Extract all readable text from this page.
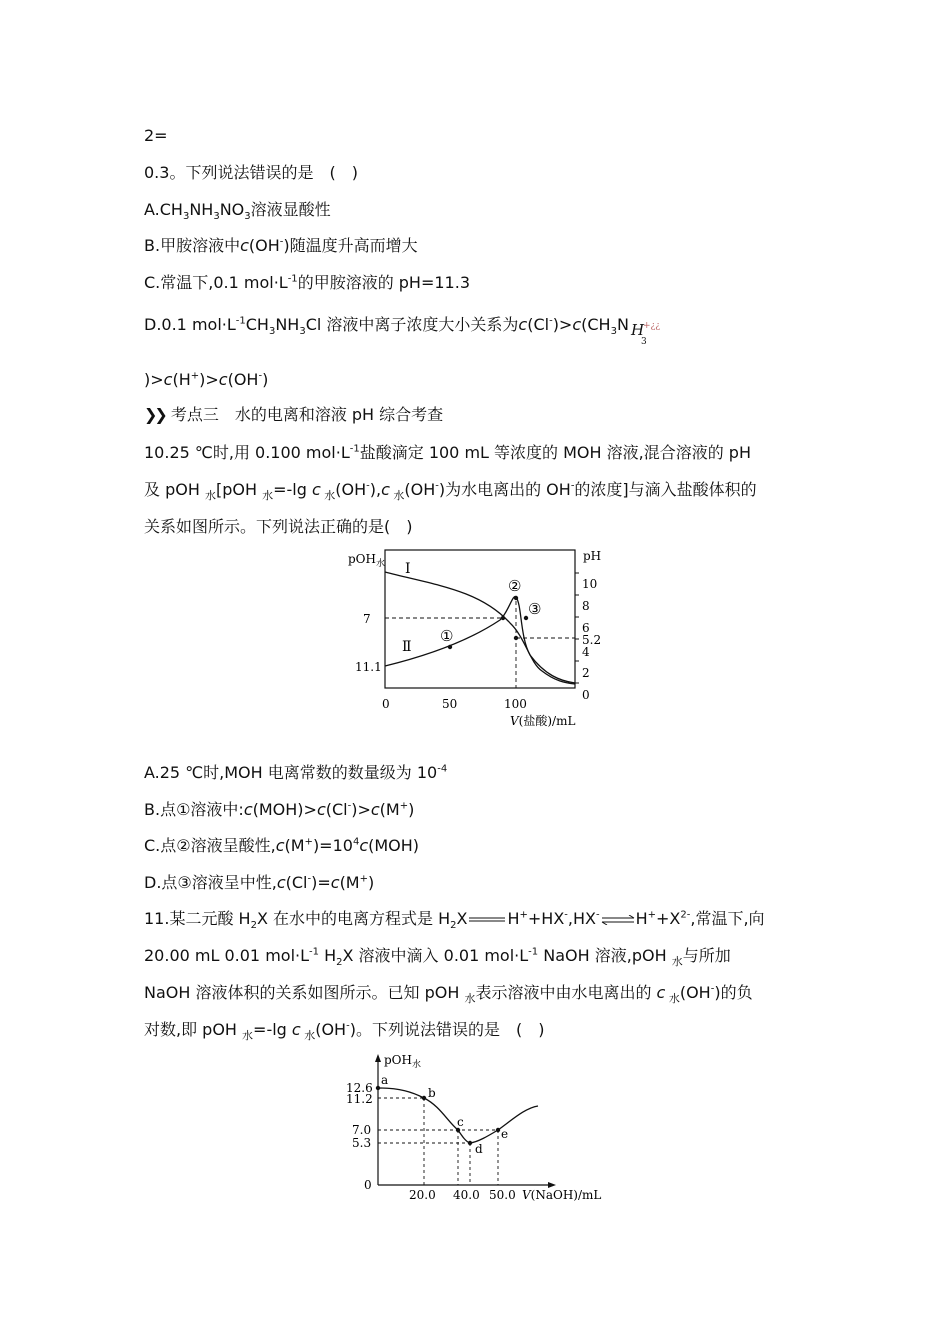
2=
0.3。下列说法错误的是　(　)
$A.CH_3NH_3NO_3$溶液显酸性
B.甲胺溶液中c(OH-)随温度升高而增大
C.常温下,0.1 $mol\cdot L^{-1}$的甲胺溶液的 pH=11.3
D.0.1 $mol\cdot L^{-1}CH_3NH_3Cl$ 溶液中离子浓度大小关系为$c(Cl^-)>c(CH_3N$ H
3
+¿¿
)>c(H+)>c(OH-)
❯❯ 考点三　水的电离和溶液 pH 综合考查
10.25 ℃时,用 0.100 $mol\cdot L^{-1}$盐酸滴定 100 mL 等浓度的 MOH 溶液,混合溶液的 pH
及 pOH $_水$[pOH $_水$=-lg c $_水$(OH-),c $_水$(OH-)为水电离出的 OH-的浓度]与滴入盐酸体积的
关系如图所示。下列说法正确的是(　)
①
②
③
Ⅰ
Ⅱ
pOH$_水$
pH
7
11.1
10
8
6
5.2
4
2
0
0	50	100
V(盐酸)/mL
A.25 ℃时,MOH 电离常数的数量级为 $10^{-4}$
B.点①溶液中:c(MOH)>c(Cl-)>c(M+)
C.点②溶液呈酸性$,c(M^+)=10^4c(MOH)$
D.点③溶液呈中性,c(Cl-)=c(M+)
11.某二元酸 $H_2X$ 在水中的电离方程式是 $H_2X$	$H^++HX^-,HX^-\rightleftharpoons H^++X^{2-}$,常温下,向
20.00 mL 0.01 $mol\cdot L^{-1}$ $H_2X$ 溶液中滴入 0.01 $mol\cdot L^{-1}$ NaOH 溶液,pOH $_水$与所加
NaOH 溶液体积的关系如图所示。已知 pOH $_水$表示溶液中由水电离出的 c $_水$(OH-)的负
对数,即 pOH $_水$=-lg c $_水$(OH-)。下列说法错误的是　(　)
a
b
c
d
e
pOH$_水$
12.6
11.2
7.0
5.3
0
20.0 40.0 50.0 V(NaOH)/mL
